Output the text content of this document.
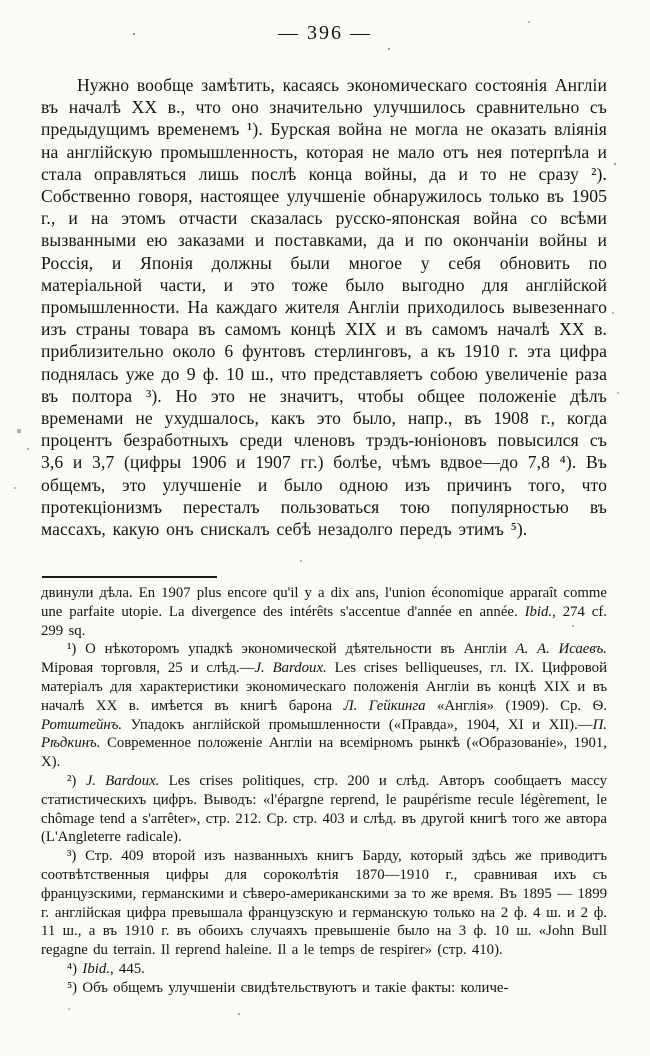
— 396 —

Нужно вообще замѣтить, касаясь экономическаго состоянія Англіи въ началѣ XX в., что оно значительно улучшилось сравнительно съ предыдущимъ временемъ ¹). Бурская война не могла не оказать вліянія на англійскую промышленность, которая не мало отъ нея потерпѣла и стала оправляться лишь послѣ конца войны, да и то не сразу ²). Собственно говоря, настоящее улучшеніе обнаружилось только въ 1905 г., и на этомъ отчасти сказалась русско-японская война со всѣми вызванными ею заказами и поставками, да и по окончаніи войны и Россія, и Японія должны были многое у себя обновить по матеріальной части, и это тоже было выгодно для англійской промышленности. На каждаго жителя Англіи приходилось вывезеннаго изъ страны товара въ самомъ концѣ XIX и въ самомъ началѣ XX в. приблизительно около 6 фунтовъ стерлинговъ, а къ 1910 г. эта цифра поднялась уже до 9 ф. 10 ш., что представляетъ собою увеличеніе раза въ полтора ³). Но это не значитъ, чтобы общее положеніе дѣлъ временами не ухудшалось, какъ это было, напр., въ 1908 г., когда процентъ безработныхъ среди членовъ трэдъ-юніоновъ повысился съ 3,6 и 3,7 (цифры 1906 и 1907 гг.) болѣе, чѣмъ вдвое—до 7,8 ⁴). Въ общемъ, это улучшеніе и было одною изъ причинъ того, что протекціонизмъ пересталъ пользоваться тою популярностью въ массахъ, какую онъ снискалъ себѣ незадолго передъ этимъ ⁵).

двинули дѣла. En 1907 plus encore qu'il y a dix ans, l'union économique apparaît comme une parfaite utopie. La divergence des intérêts s'accentue d'année en année. Ibid., 274 cf. 299 sq.

¹) О нѣкоторомъ упадкѣ экономической дѣятельности въ Англіи А. А. Исаевъ. Міровая торговля, 25 и слѣд.—J. Bardoux. Les crises belliqueuses, гл. IX. Цифровой матеріалъ для характеристики экономическаго положенія Англіи въ концѣ XIX и въ началѣ XX в. имѣется въ книгѣ барона Л. Гейкинга «Англія» (1909). Ср. Ѳ. Ротштейнъ. Упадокъ англійской промышленности («Правда», 1904, XI и XII).—П. Рѣдкинъ. Современное положеніе Англіи на всемірномъ рынкѣ («Образованіе», 1901, X).

²) J. Bardoux. Les crises politiques, стр. 200 и слѣд. Авторъ сообщаетъ массу статистическихъ цифръ. Выводъ: «l'épargne reprend, le paupérisme recule légèrement, le chômage tend a s'arrêter», стр. 212. Ср. стр. 403 и слѣд. въ другой книгѣ того же автора (L'Angleterre radicale).

³) Стр. 409 второй изъ названныхъ книгъ Барду, который здѣсь же приводитъ соотвѣтственныя цифры для сороколѣтія 1870—1910 г., сравнивая ихъ съ французскими, германскими и сѣверо-американскими за то же время. Въ 1895 — 1899 г. англійская цифра превышала французскую и германскую только на 2 ф. 4 ш. и 2 ф. 11 ш., а въ 1910 г. въ обоихъ случаяхъ превышеніе было на 3 ф. 10 ш. «John Bull regagne du terrain. Il reprend haleine. Il a le temps de respirer» (стр. 410).

⁴) Ibid., 445.

⁵) Объ общемъ улучшеніи свидѣтельствуютъ и такіе факты: количе-
